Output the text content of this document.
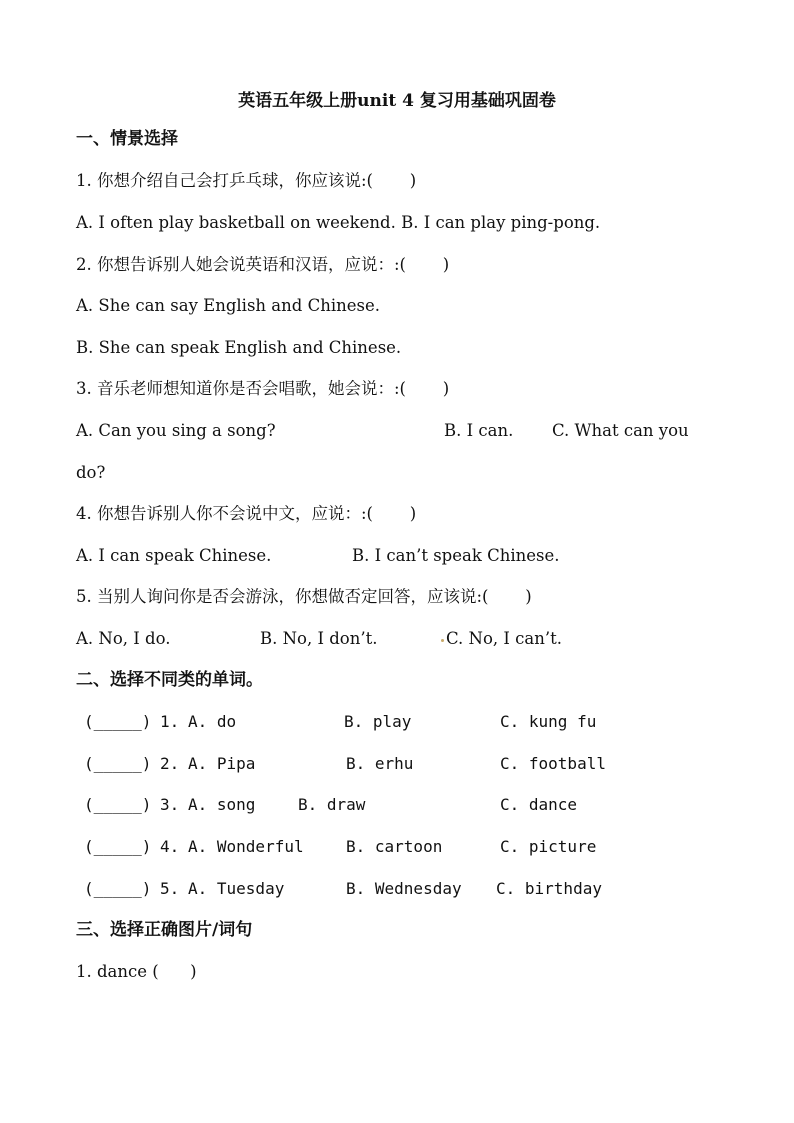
英语五年级上册unit 4 复习用基础巩固卷
一、情景选择
1. 你想介绍自己会打乒乓球，你应该说:(       )
A. I often play basketball on weekend. B. I can play ping-pong.
2. 你想告诉别人她会说英语和汉语，应说：:(       )
A. She can say English and Chinese.
B. She can speak English and Chinese.
3. 音乐老师想知道你是否会唱歌，她会说：:(       )
A. Can you sing a song?	B. I can. C. What can you
do?
4. 你想告诉别人你不会说中文，应说：:(       )
A. I can speak Chinese.	B. I can’t speak Chinese.
5. 当别人询问你是否会游泳，你想做否定回答，应该说:(       )
A. No, I do.	B. No, I don’t.	C. No, I can’t.
二、选择不同类的单词。
(_____) 1. A. do	B. play	C. kung fu
(_____) 2. A. Pipa	B. erhu	C. football
(_____) 3. A. song	B. draw	C. dance
(_____) 4. A. Wonderful	B. cartoon	C. picture
(_____) 5. A. Tuesday	B. Wednesday C. birthday
三、选择正确图片/词句
1. dance (      )
